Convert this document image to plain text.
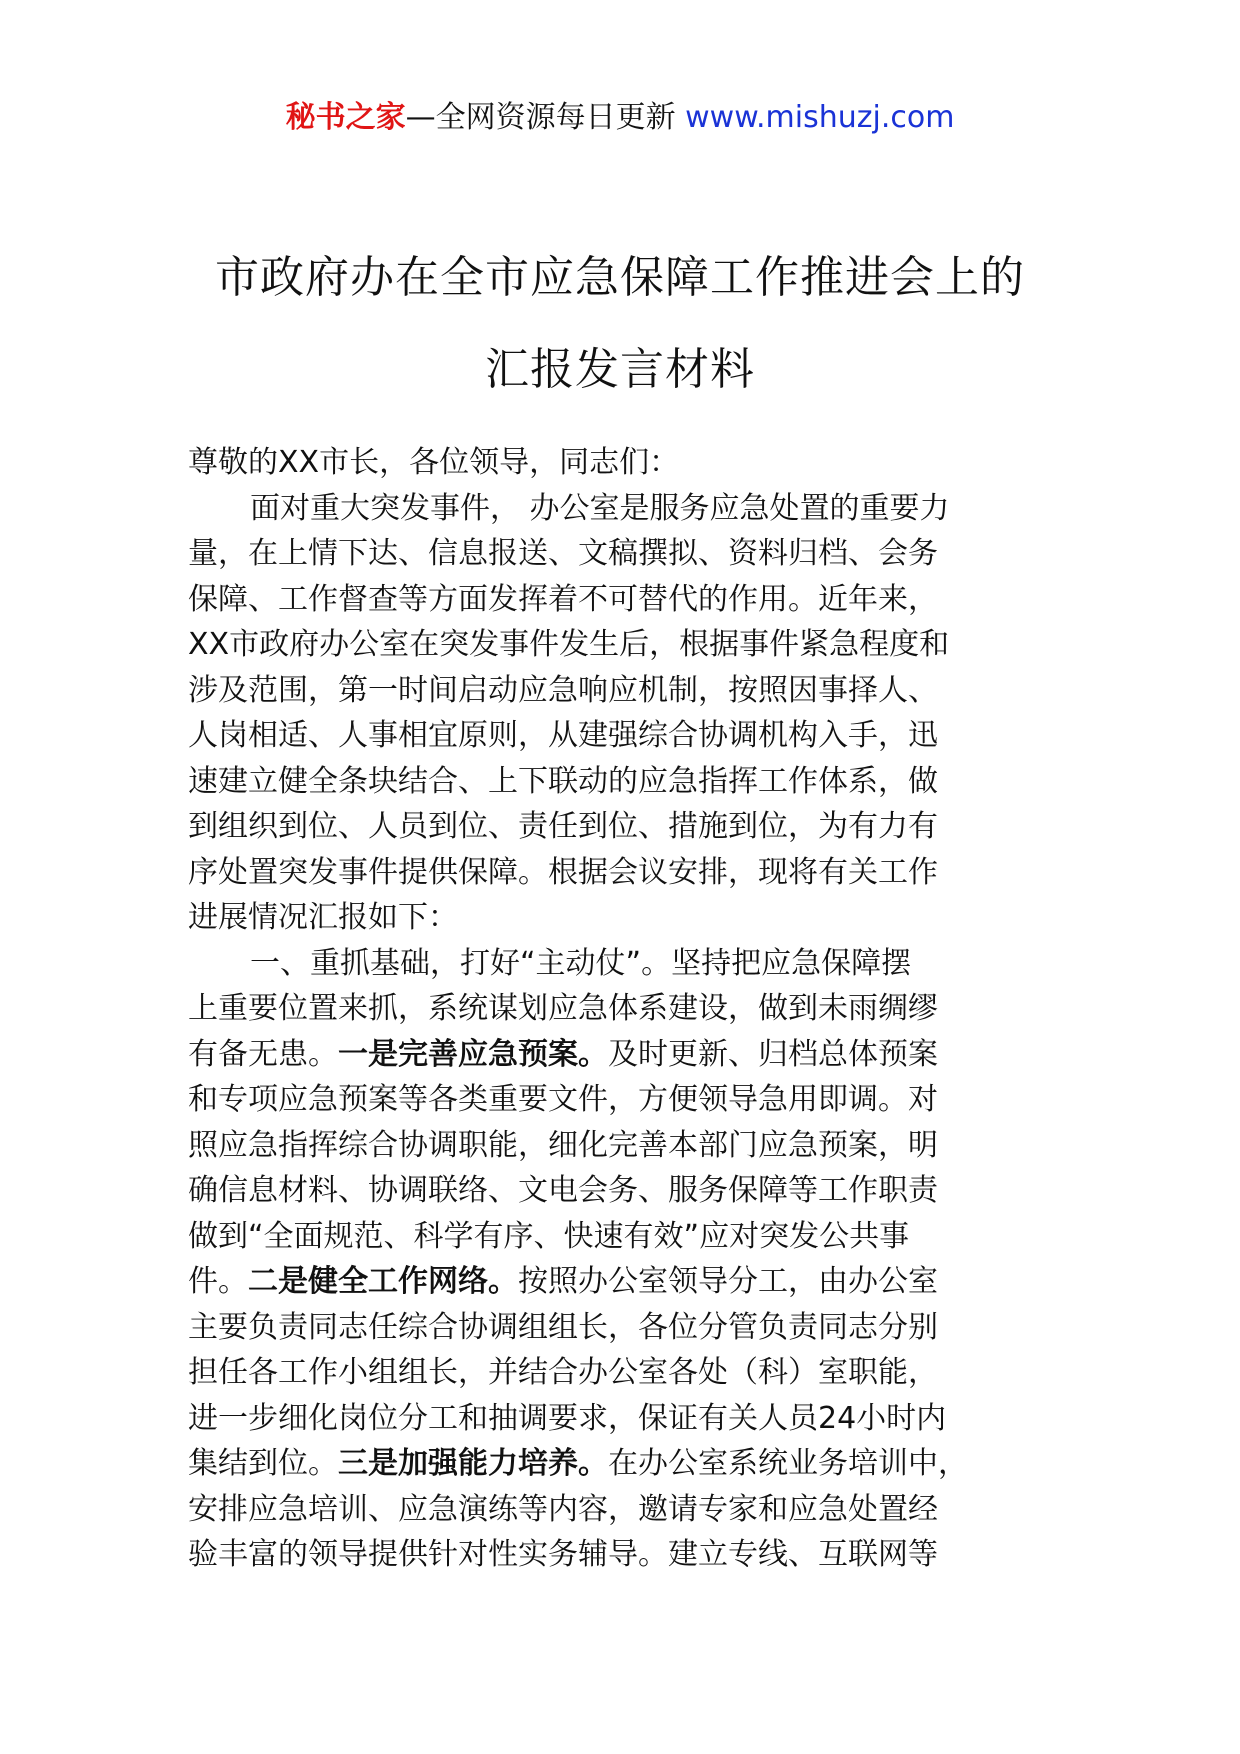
秘书之家—全网资源每日更新 www.mishuzj.com
市政府办在全市应急保障工作推进会上的
汇报发言材料
尊敬的XX市长，各位领导，同志们：
面对重大突发事件， 办公室是服务应急处置的重要力
量，在上情下达、信息报送、文稿撰拟、资料归档、会务
保障、工作督查等方面发挥着不可替代的作用。近年来，
XX市政府办公室在突发事件发生后，根据事件紧急程度和
涉及范围，第一时间启动应急响应机制，按照因事择人、
人岗相适、人事相宜原则，从建强综合协调机构入手，迅
速建立健全条块结合、上下联动的应急指挥工作体系，做
到组织到位、人员到位、责任到位、措施到位，为有力有
序处置突发事件提供保障。根据会议安排，现将有关工作
进展情况汇报如下：
一、重抓基础，打好“主动仗”。坚持把应急保障摆
上重要位置来抓，系统谋划应急体系建设，做到未雨绸缪
有备无患。一是完善应急预案。及时更新、归档总体预案
和专项应急预案等各类重要文件，方便领导急用即调。对
照应急指挥综合协调职能，细化完善本部门应急预案，明
确信息材料、协调联络、文电会务、服务保障等工作职责
做到“全面规范、科学有序、快速有效”应对突发公共事
件。二是健全工作网络。按照办公室领导分工，由办公室
主要负责同志任综合协调组组长，各位分管负责同志分别
担任各工作小组组长，并结合办公室各处（科）室职能，
进一步细化岗位分工和抽调要求，保证有关人员24小时内
集结到位。三是加强能力培养。在办公室系统业务培训中，
安排应急培训、应急演练等内容，邀请专家和应急处置经
验丰富的领导提供针对性实务辅导。建立专线、互联网等
